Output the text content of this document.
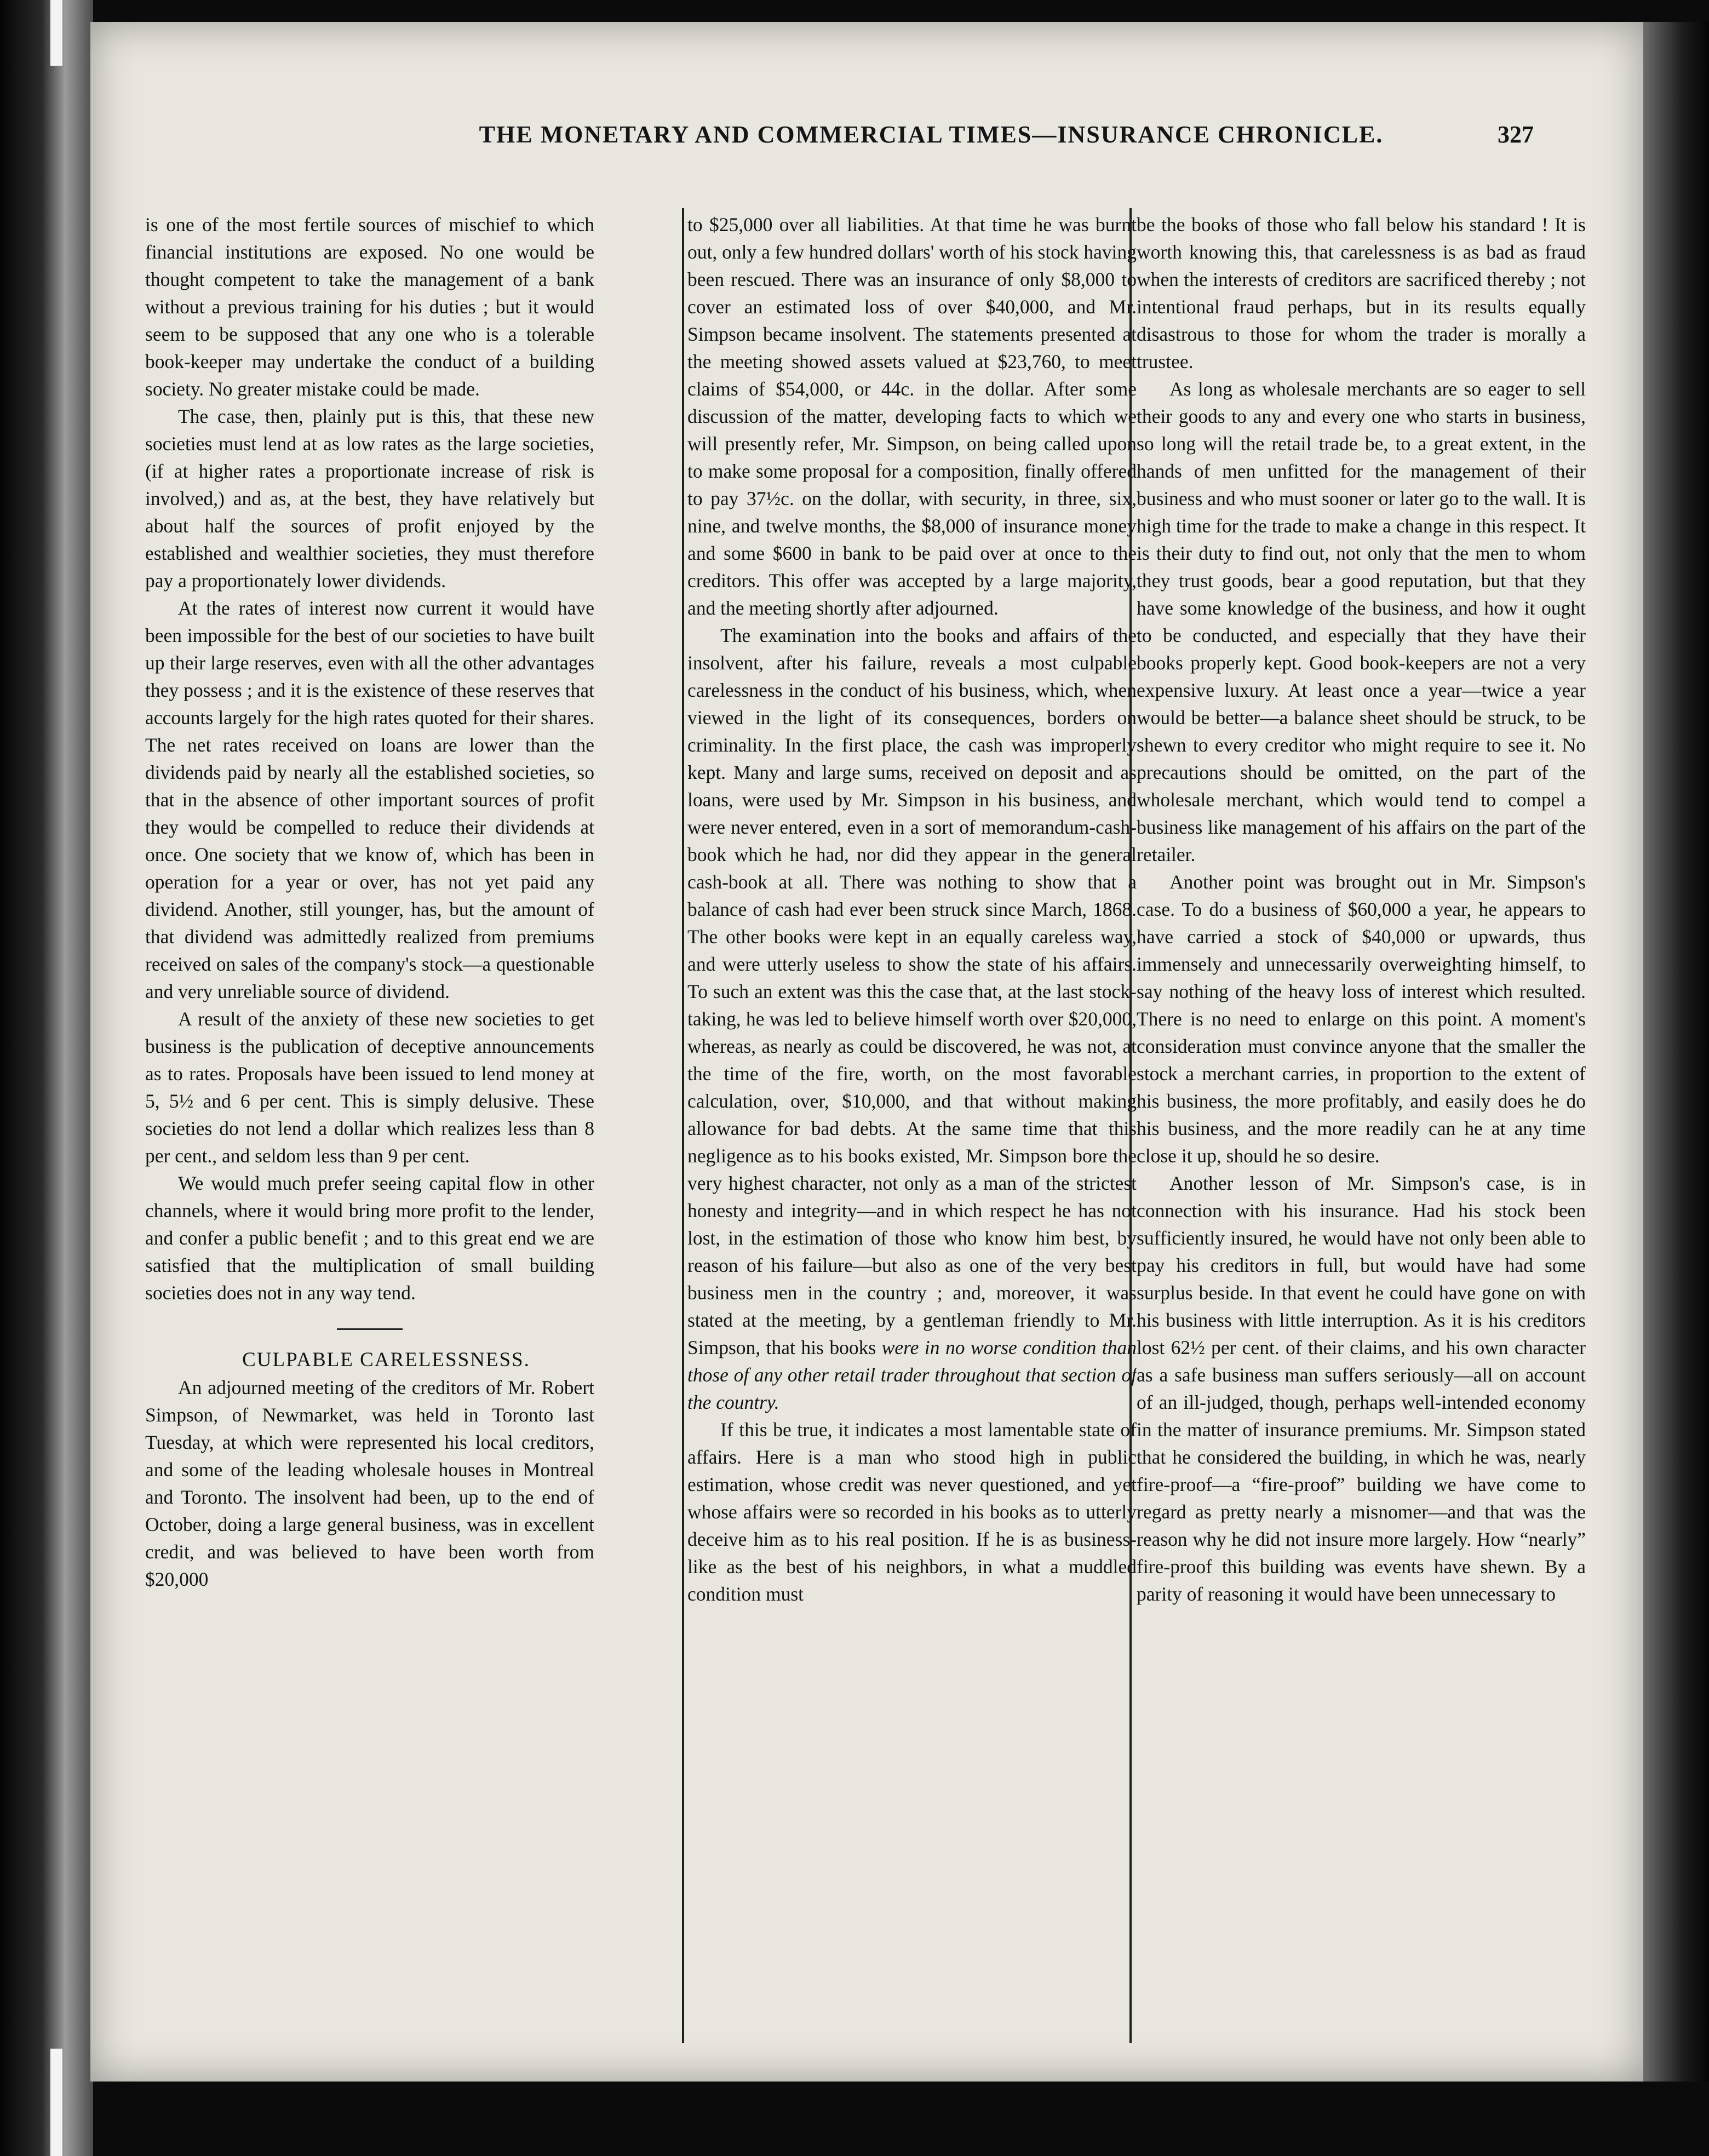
THE MONETARY AND COMMERCIAL TIMES—INSURANCE CHRONICLE.	327

is one of the most fertile sources of mischief to which financial institutions are exposed. No one would be thought competent to take the management of a bank without a previous training for his duties ; but it would seem to be supposed that any one who is a tolerable book-keeper may undertake the conduct of a building society. No greater mistake could be made.

The case, then, plainly put is this, that these new societies must lend at as low rates as the large societies, (if at higher rates a proportionate increase of risk is involved,) and as, at the best, they have relatively but about half the sources of profit enjoyed by the established and wealthier societies, they must therefore pay a proportionately lower dividends.

At the rates of interest now current it would have been impossible for the best of our societies to have built up their large reserves, even with all the other advantages they possess ; and it is the existence of these reserves that accounts largely for the high rates quoted for their shares. The net rates received on loans are lower than the dividends paid by nearly all the established societies, so that in the absence of other important sources of profit they would be compelled to reduce their dividends at once. One society that we know of, which has been in operation for a year or over, has not yet paid any dividend. Another, still younger, has, but the amount of that dividend was admittedly realized from premiums received on sales of the company's stock—a questionable and very unreliable source of dividend.

A result of the anxiety of these new societies to get business is the publication of deceptive announcements as to rates. Proposals have been issued to lend money at 5, 5½ and 6 per cent. This is simply delusive. These societies do not lend a dollar which realizes less than 8 per cent., and seldom less than 9 per cent.

We would much prefer seeing capital flow in other channels, where it would bring more profit to the lender, and confer a public benefit ; and to this great end we are satisfied that the multiplication of small building societies does not in any way tend.

CULPABLE CARELESSNESS.

An adjourned meeting of the creditors of Mr. Robert Simpson, of Newmarket, was held in Toronto last Tuesday, at which were represented his local creditors, and some of the leading wholesale houses in Montreal and Toronto. The insolvent had been, up to the end of October, doing a large general business, was in excellent credit, and was believed to have been worth from $20,000

to $25,000 over all liabilities. At that time he was burnt out, only a few hundred dollars' worth of his stock having been rescued. There was an insurance of only $8,000 to cover an estimated loss of over $40,000, and Mr. Simpson became insolvent. The statements presented at the meeting showed assets valued at $23,760, to meet claims of $54,000, or 44c. in the dollar. After some discussion of the matter, developing facts to which we will presently refer, Mr. Simpson, on being called upon to make some proposal for a composition, finally offered to pay 37½c. on the dollar, with security, in three, six, nine, and twelve months, the $8,000 of insurance money and some $600 in bank to be paid over at once to the creditors. This offer was accepted by a large majority, and the meeting shortly after adjourned.

The examination into the books and affairs of the insolvent, after his failure, reveals a most culpable carelessness in the conduct of his business, which, when viewed in the light of its consequences, borders on criminality. In the first place, the cash was improperly kept. Many and large sums, received on deposit and as loans, were used by Mr. Simpson in his business, and were never entered, even in a sort of memorandum-cash-book which he had, nor did they appear in the general cash-book at all. There was nothing to show that a balance of cash had ever been struck since March, 1868. The other books were kept in an equally careless way, and were utterly useless to show the state of his affairs. To such an extent was this the case that, at the last stock-taking, he was led to believe himself worth over $20,000, whereas, as nearly as could be discovered, he was not, at the time of the fire, worth, on the most favorable calculation, over, $10,000, and that without making allowance for bad debts. At the same time that this negligence as to his books existed, Mr. Simpson bore the very highest character, not only as a man of the strictest honesty and integrity—and in which respect he has not lost, in the estimation of those who know him best, by reason of his failure—but also as one of the very best business men in the country ; and, moreover, it was stated at the meeting, by a gentleman friendly to Mr. Simpson, that his books were in no worse condition than those of any other retail trader throughout that section of the country.

If this be true, it indicates a most lamentable state of affairs. Here is a man who stood high in public estimation, whose credit was never questioned, and yet whose affairs were so recorded in his books as to utterly deceive him as to his real position. If he is as business-like as the best of his neighbors, in what a muddled condition must

be the books of those who fall below his standard ! It is worth knowing this, that carelessness is as bad as fraud when the interests of creditors are sacrificed thereby ; not intentional fraud perhaps, but in its results equally disastrous to those for whom the trader is morally a trustee.

As long as wholesale merchants are so eager to sell their goods to any and every one who starts in business, so long will the retail trade be, to a great extent, in the hands of men unfitted for the management of their business and who must sooner or later go to the wall. It is high time for the trade to make a change in this respect. It is their duty to find out, not only that the men to whom they trust goods, bear a good reputation, but that they have some knowledge of the business, and how it ought to be conducted, and especially that they have their books properly kept. Good book-keepers are not a very expensive luxury. At least once a year—twice a year would be better—a balance sheet should be struck, to be shewn to every creditor who might require to see it. No precautions should be omitted, on the part of the wholesale merchant, which would tend to compel a business like management of his affairs on the part of the retailer.

Another point was brought out in Mr. Simpson's case. To do a business of $60,000 a year, he appears to have carried a stock of $40,000 or upwards, thus immensely and unnecessarily overweighting himself, to say nothing of the heavy loss of interest which resulted. There is no need to enlarge on this point. A moment's consideration must convince anyone that the smaller the stock a merchant carries, in proportion to the extent of his business, the more profitably, and easily does he do his business, and the more readily can he at any time close it up, should he so desire.

Another lesson of Mr. Simpson's case, is in connection with his insurance. Had his stock been sufficiently insured, he would have not only been able to pay his creditors in full, but would have had some surplus beside. In that event he could have gone on with his business with little interruption. As it is his creditors lost 62½ per cent. of their claims, and his own character as a safe business man suffers seriously—all on account of an ill-judged, though, perhaps well-intended economy in the matter of insurance premiums. Mr. Simpson stated that he considered the building, in which he was, nearly fire-proof—a “fire-proof” building we have come to regard as pretty nearly a misnomer—and that was the reason why he did not insure more largely. How “nearly” fire-proof this building was events have shewn. By a parity of reasoning it would have been unnecessary to
